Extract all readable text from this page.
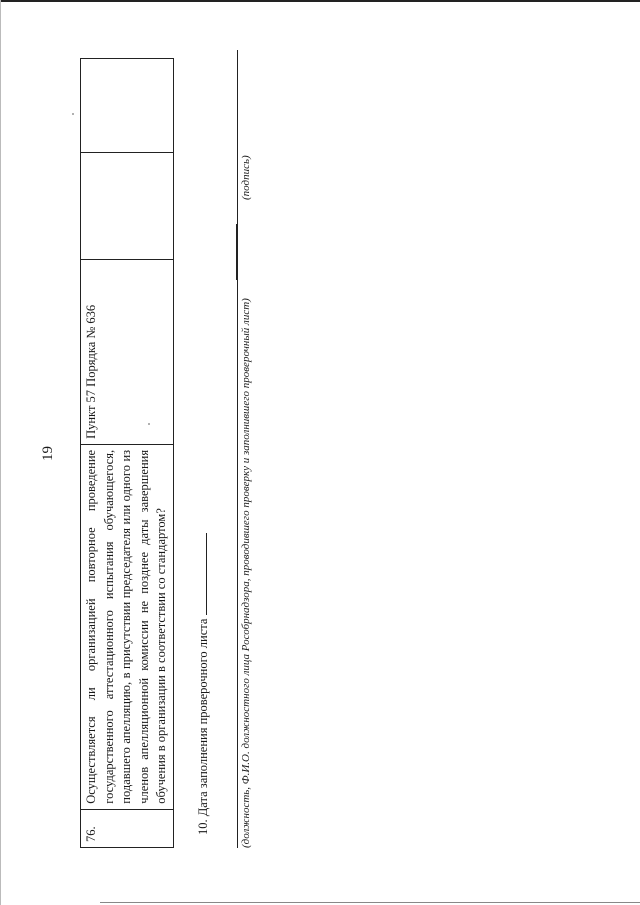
19
76.	Осуществляется ли организацией повторное проведение государственного аттестационного испытания обучающегося, подавшего апелляцию, в присутствии председателя или одного из членов апелляционной комиссии не позднее даты завершения обучения в организации в соответствии со стандартом?	Пункт 57 Порядка № 636		
10. Дата заполнения проверочного листа	(должность, Ф.И.О. должностного лица Рособрнадзора, проводившего проверку и заполнившего проверочный лист)
(подпись)
